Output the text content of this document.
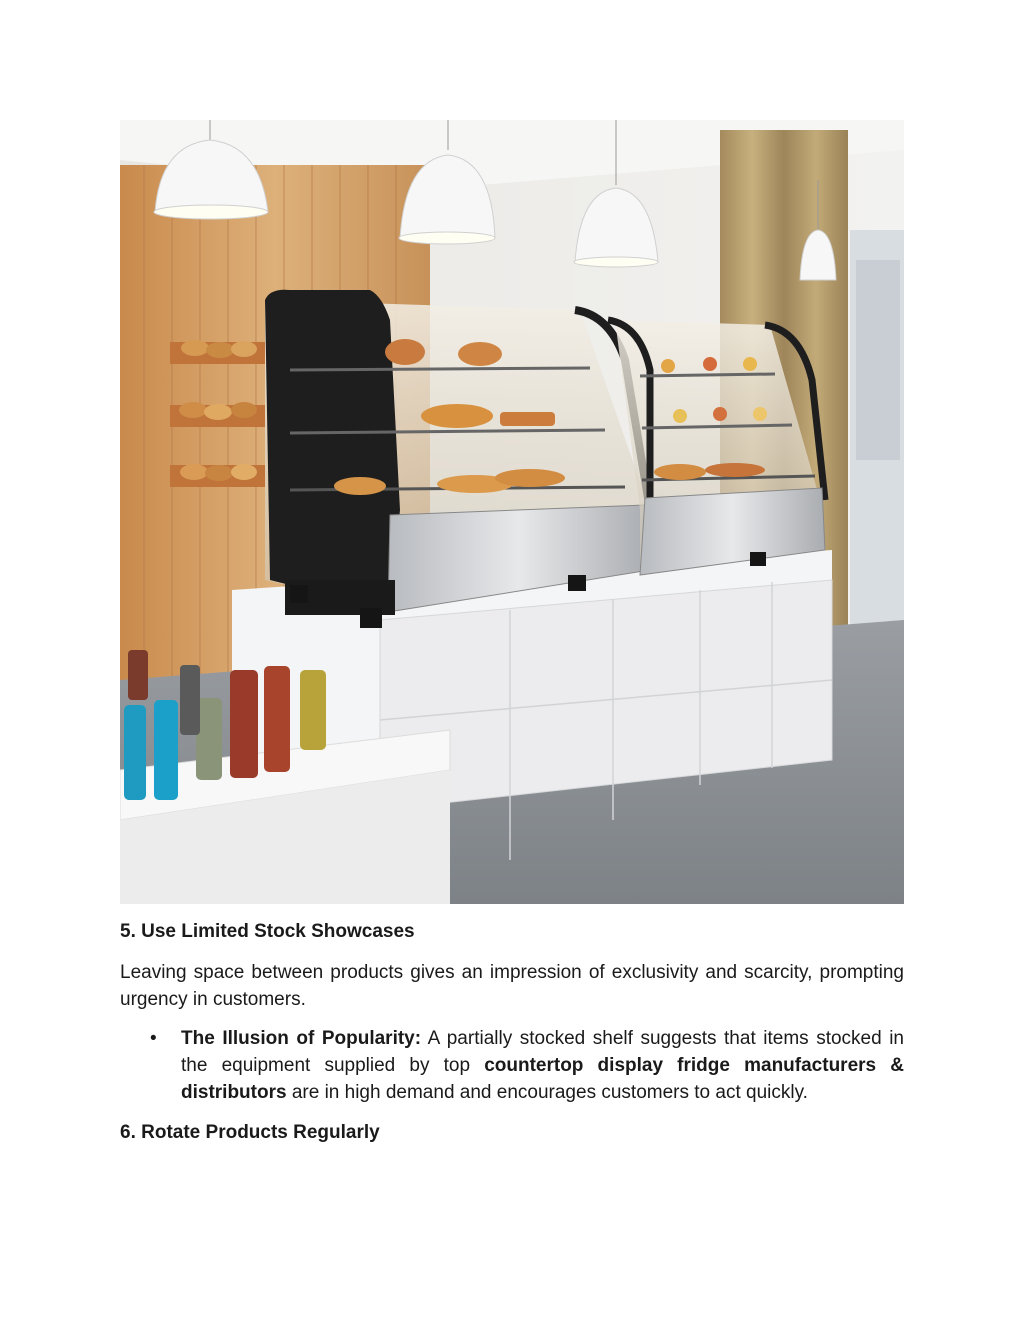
5. Use Limited Stock Showcases

Leaving space between products gives an impression of exclusivity and scarcity, prompting urgency in customers.

• The Illusion of Popularity: A partially stocked shelf suggests that items stocked in the equipment supplied by top countertop display fridge manufacturers & distributors are in high demand and encourages customers to act quickly.
6. Rotate Products Regularly
